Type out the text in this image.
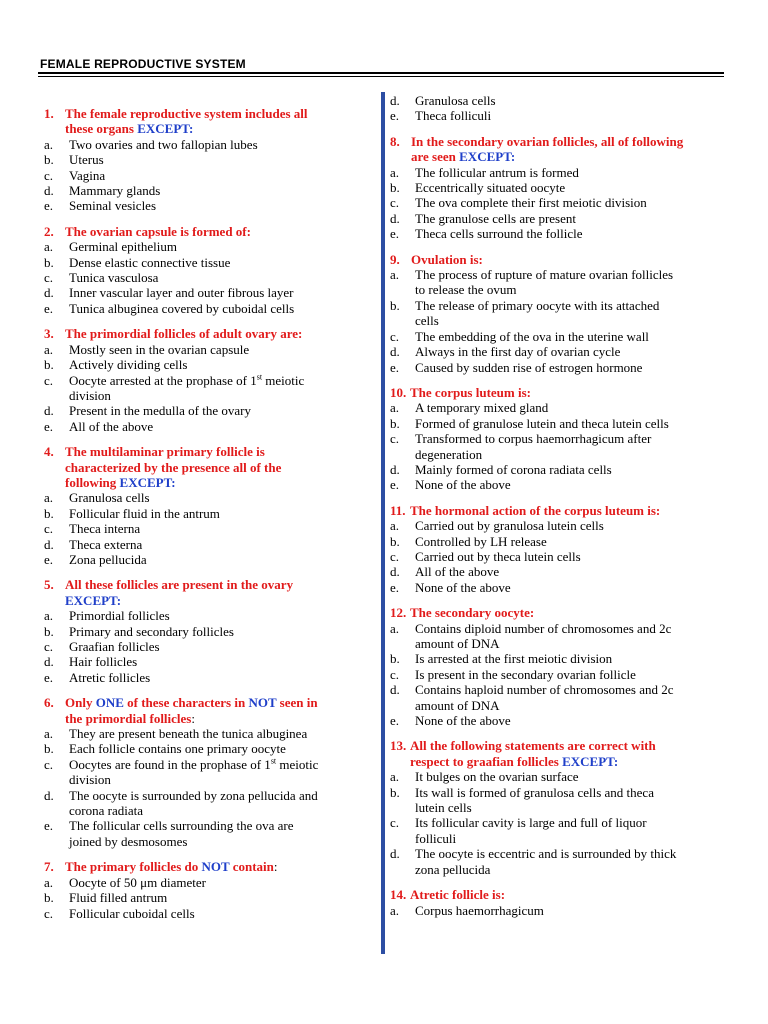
FEMALE REPRODUCTIVE SYSTEM
1. The female reproductive system includes all
these organs EXCEPT:
a.	Two ovaries and two fallopian lubes
b.	Uterus
c.	Vagina
d.	Mammary glands
e.	Seminal vesicles
2. The ovarian capsule is formed of:
a.	Germinal epithelium
b.	Dense elastic connective tissue
c.	Tunica vasculosa
d.	Inner vascular layer and outer fibrous layer
e.	Tunica albuginea covered by cuboidal cells
3. The primordial follicles of adult ovary are:
a.	Mostly seen in the ovarian capsule
b.	Actively dividing cells
c.	Oocyte arrested at the prophase of 1st meiotic
division
d.	Present in the medulla of the ovary
e.	All of the above
4. The multilaminar primary follicle is
characterized by the presence all of the
following EXCEPT:
a.	Granulosa cells
b.	Follicular fluid in the antrum
c.	Theca interna
d.	Theca externa
e.	Zona pellucida
5. All these follicles are present in the ovary
EXCEPT:
a.	Primordial follicles
b.	Primary and secondary follicles
c.	Graafian follicles
d.	Hair follicles
e.	Atretic follicles
6. Only ONE of these characters in NOT seen in
the primordial follicles:
a.	They are present beneath the tunica albuginea
b.	Each follicle contains one primary oocyte
c.	Oocytes are found in the prophase of 1st meiotic
division
d.	The oocyte is surrounded by zona pellucida and
corona radiata
e.	The follicular cells surrounding the ova are
joined by desmosomes
7. The primary follicles do NOT contain:
a.	Oocyte of 50 μm diameter
b.	Fluid filled antrum
c.	Follicular cuboidal cells
d.	Granulosa cells
e.	Theca folliculi
8. In the secondary ovarian follicles, all of following
are seen EXCEPT:
a.	The follicular antrum is formed
b.	Eccentrically situated oocyte
c.	The ova complete their first meiotic division
d.	The granulose cells are present
e.	Theca cells surround the follicle
9. Ovulation is:
a.	The process of rupture of mature ovarian follicles
to release the ovum
b.	The release of primary oocyte with its attached
cells
c.	The embedding of the ova in the uterine wall
d.	Always in the first day of ovarian cycle
e.	Caused by sudden rise of estrogen hormone
10. The corpus luteum is:
a.	A temporary mixed gland
b.	Formed of granulose lutein and theca lutein cells
c.	Transformed to corpus haemorrhagicum after
degeneration
d.	Mainly formed of corona radiata cells
e.	None of the above
11. The hormonal action of the corpus luteum is:
a.	Carried out by granulosa lutein cells
b.	Controlled by LH release
c.	Carried out by theca lutein cells
d.	All of the above
e.	None of the above
12. The secondary oocyte:
a.	Contains diploid number of chromosomes and 2c
amount of DNA
b.	Is arrested at the first meiotic division
c.	Is present in the secondary ovarian follicle
d.	Contains haploid number of chromosomes and 2c
amount of DNA
e.	None of the above
13. All the following statements are correct with
respect to graafian follicles EXCEPT:
a.	It bulges on the ovarian surface
b.	Its wall is formed of granulosa cells and theca
lutein cells
c.	Its follicular cavity is large and full of liquor
folliculi
d.	The oocyte is eccentric and is surrounded by thick
zona pellucida
14. Atretic follicle is:
a.	Corpus haemorrhagicum
